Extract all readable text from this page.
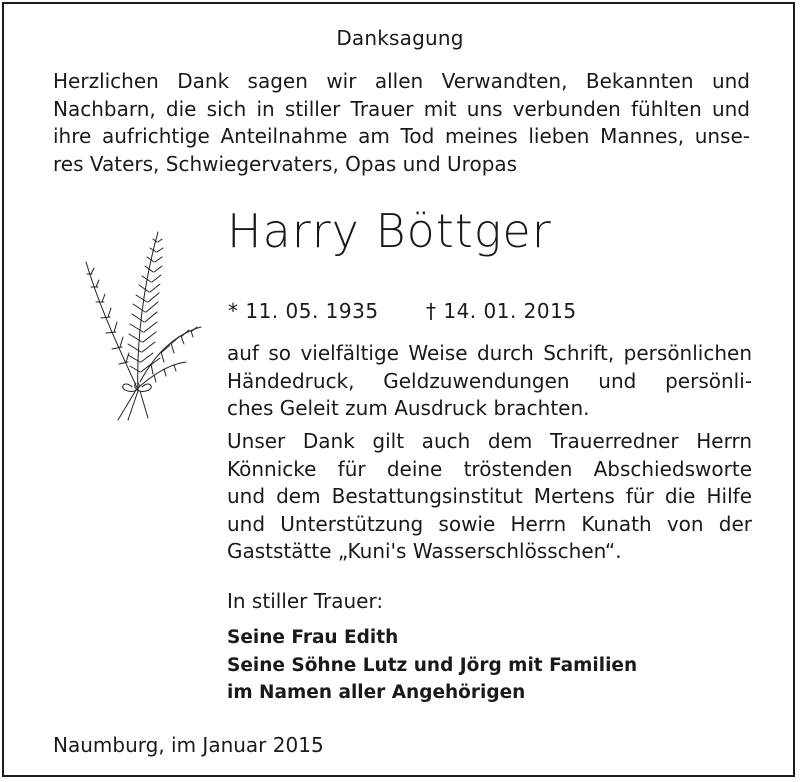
Danksagung
Herzlichen Dank sagen wir allen Verwandten, Bekannten und
Nachbarn, die sich in stiller Trauer mit uns verbunden fühlten und
ihre aufrichtige Anteilnahme am Tod meines lieben Mannes, unse-
res Vaters, Schwiegervaters, Opas und Uropas
Harry Böttger
* 11. 05. 1935 † 14. 01. 2015
auf so vielfältige Weise durch Schrift, persönlichen
Händedruck, Geldzuwendungen und persönli-
ches Geleit zum Ausdruck brachten.
Unser Dank gilt auch dem Trauerredner Herrn
Könnicke für deine tröstenden Abschiedsworte
und dem Bestattungsinstitut Mertens für die Hilfe
und Unterstützung sowie Herrn Kunath von der
Gaststätte „Kuni's Wasserschlösschen“.
In stiller Trauer:
Seine Frau Edith
Seine Söhne Lutz und Jörg mit Familien
im Namen aller Angehörigen
Naumburg, im Januar 2015
